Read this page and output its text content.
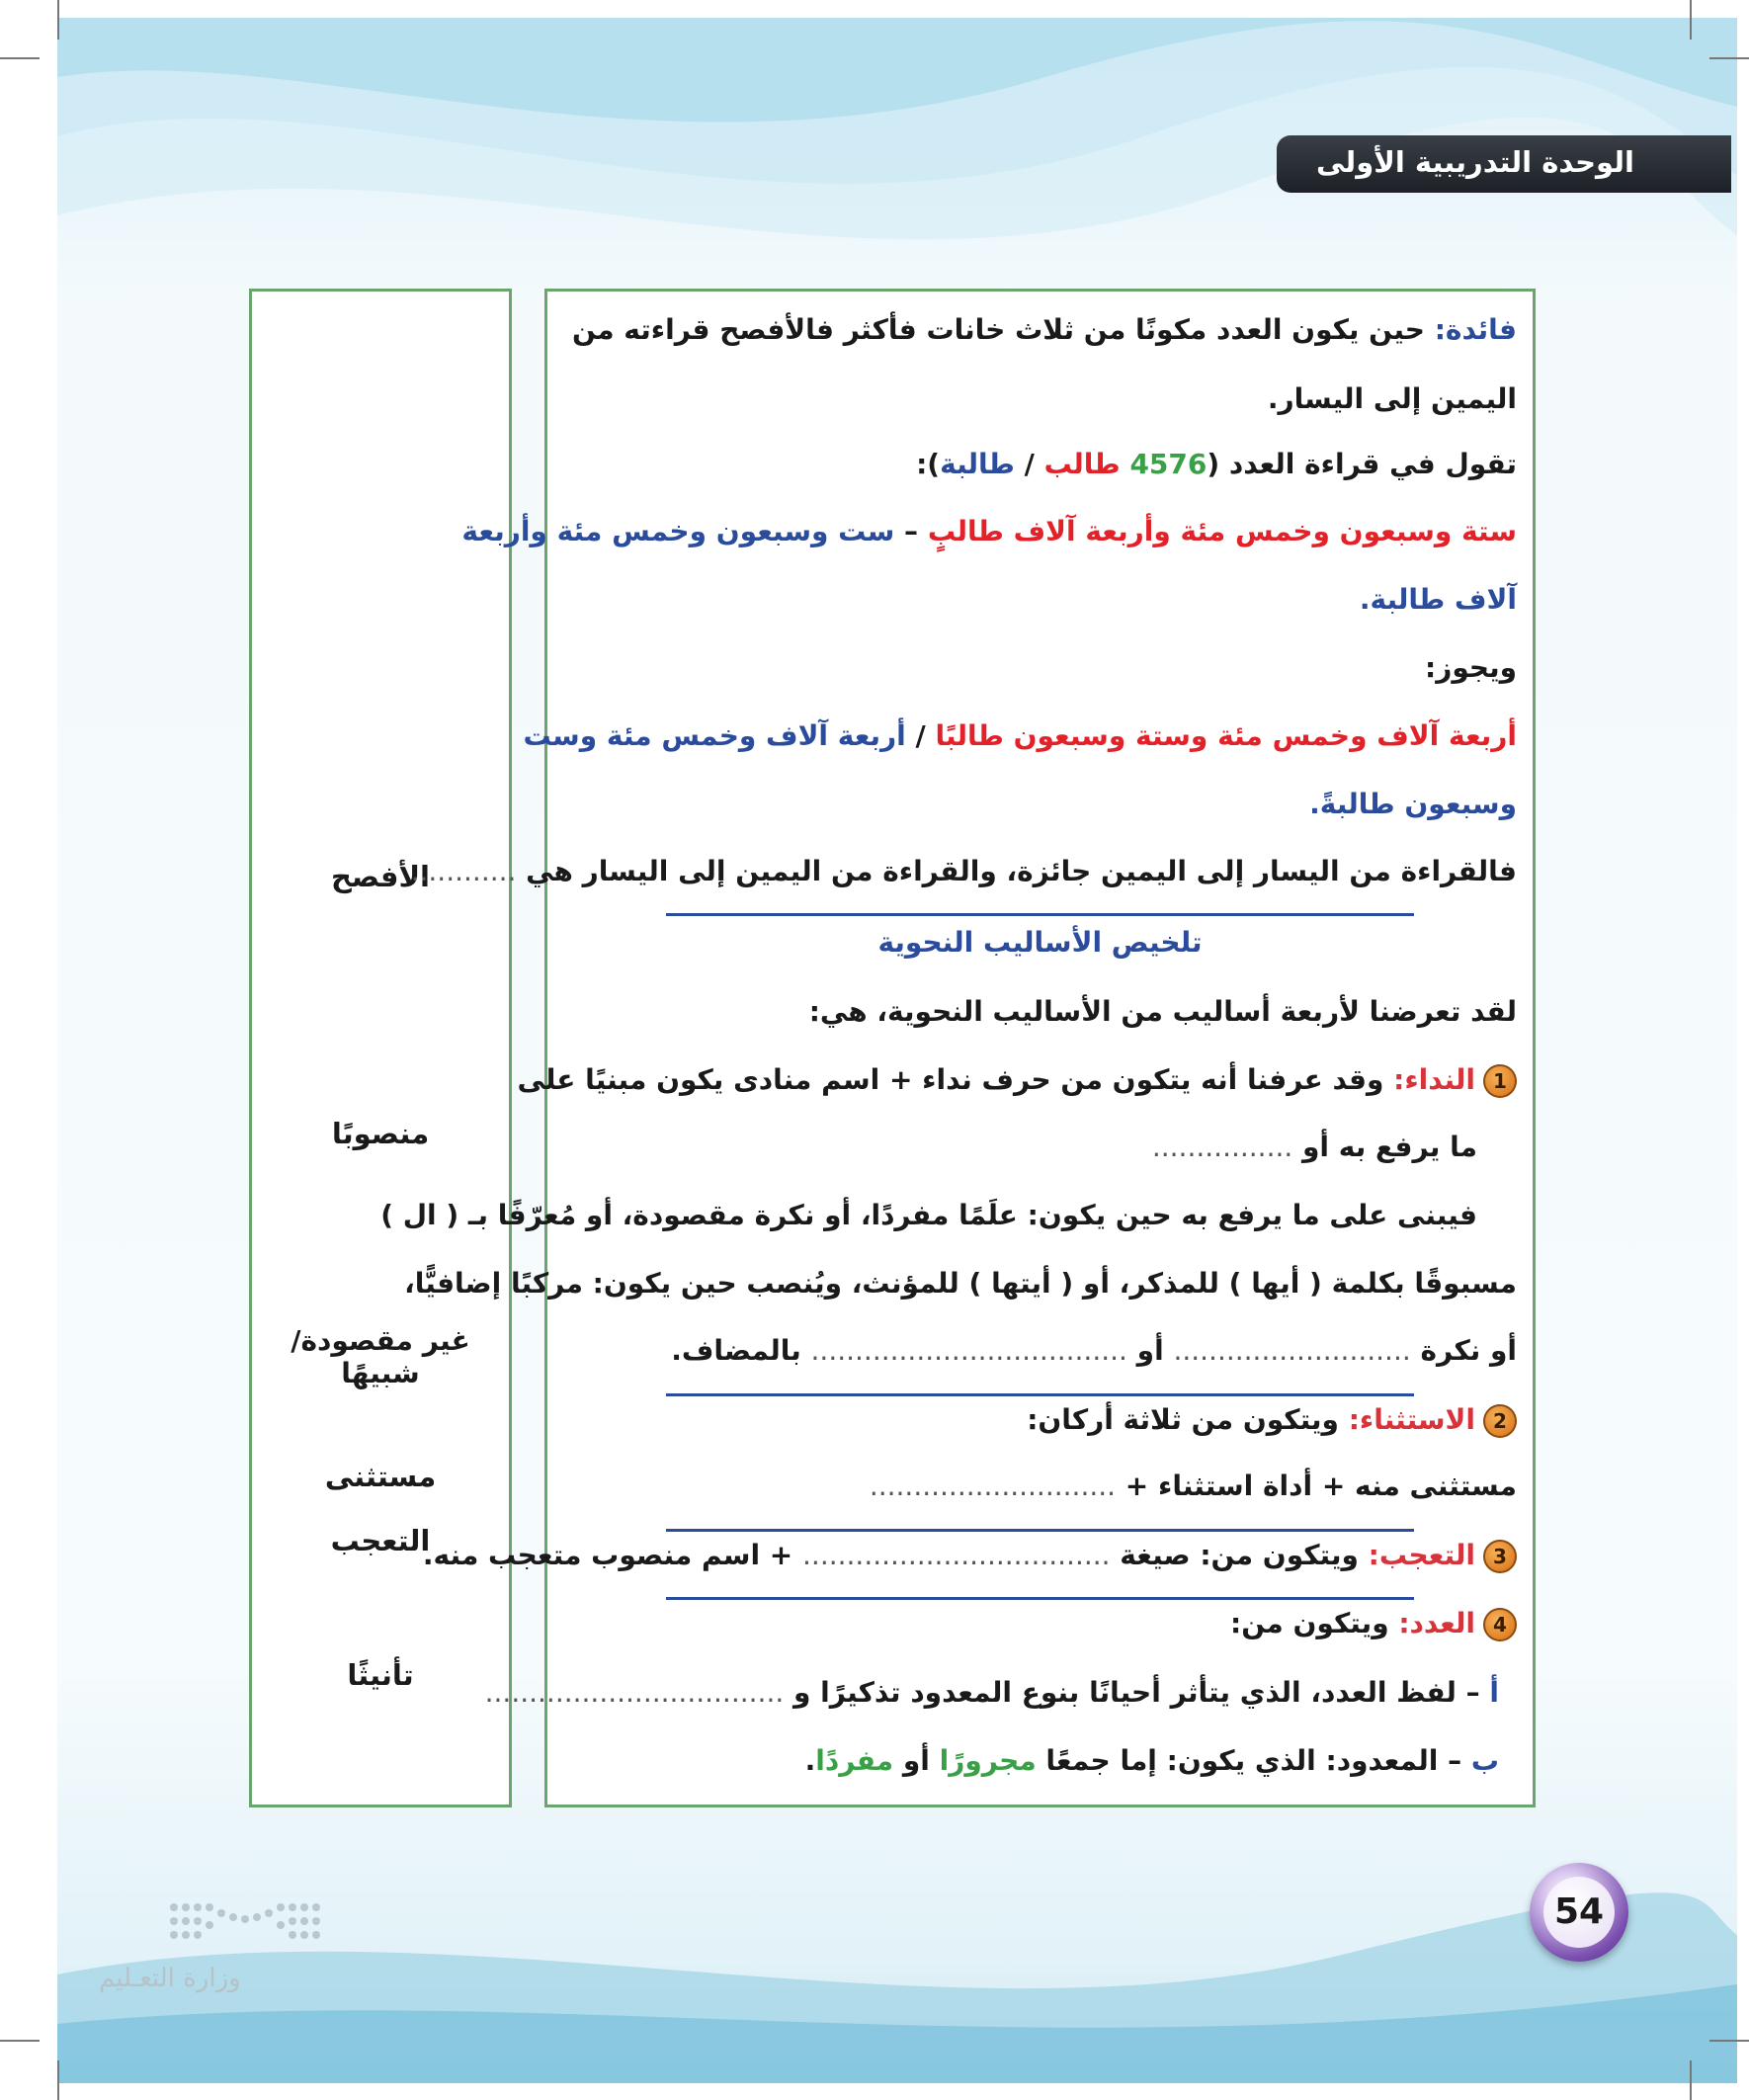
الوحدة التدريبية الأولى
الأفصح
منصوبًا
غير مقصودة/شبيهًا
مستثنى
التعجب
تأنيثًا
فائدة: حين يكون العدد مكونًا من ثلاث خانات فأكثر فالأفصح قراءته من
اليمين إلى اليسار.
تقول في قراءة العدد (4576 طالب / طالبة):
ستة وسبعون وخمس مئة وأربعة آلاف طالبٍ – ست وسبعون وخمس مئة وأربعة
آلاف طالبة.
ويجوز:
أربعة آلاف وخمس مئة وستة وسبعون طالبًا / أربعة آلاف وخمس مئة وست
وسبعون طالبةً.
فالقراءة من اليسار إلى اليمين جائزة، والقراءة من اليمين إلى اليسار هي ............
تلخيص الأساليب النحوية
لقد تعرضنا لأربعة أساليب من الأساليب النحوية، هي:
1النداء: وقد عرفنا أنه يتكون من حرف نداء + اسم منادى يكون مبنيًا على
ما يرفع به أو ................
فيبنى على ما يرفع به حين يكون: علَمًا مفردًا، أو نكرة مقصودة، أو مُعرّفًا بـ ( ال )
مسبوقًا بكلمة ( أيها ) للمذكر، أو ( أيتها ) للمؤنث، ويُنصب حين يكون: مركبًا إضافيًّا،
أو نكرة ........................... أو .................................... بالمضاف.
2الاستثناء: ويتكون من ثلاثة أركان:
مستثنى منه + أداة استثناء + ............................
3التعجب: ويتكون من: صيغة ................................... + اسم منصوب متعجب منه.
4العدد: ويتكون من:
أ – لفظ العدد، الذي يتأثر أحيانًا بنوع المعدود تذكيرًا و ..................................
ب – المعدود: الذي يكون: إما جمعًا مجرورًا أو مفردًا.
54
وزارة التعـليم
